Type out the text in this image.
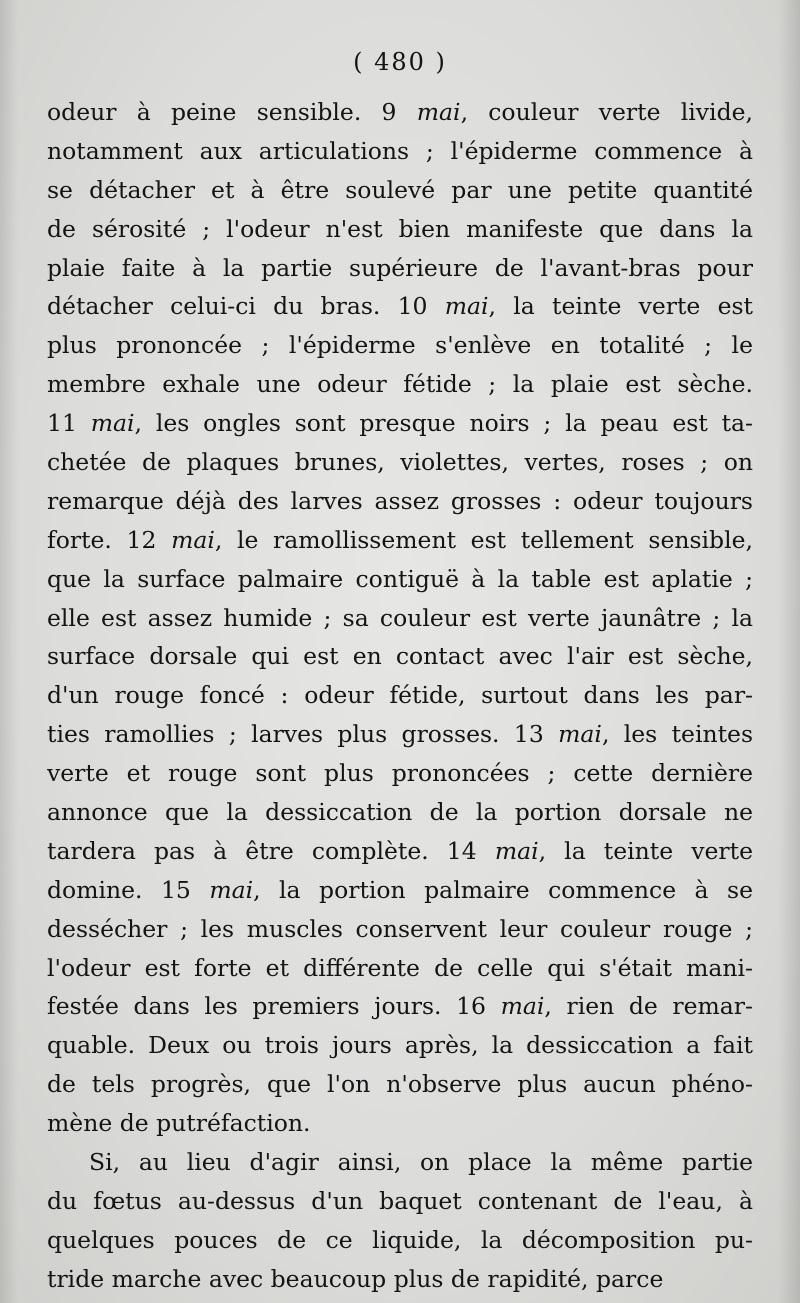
( 480 )
odeur à peine sensible. 9 mai, couleur verte livide,
notamment aux articulations ; l'épiderme commence à
se détacher et à être soulevé par une petite quantité
de sérosité ; l'odeur n'est bien manifeste que dans la
plaie faite à la partie supérieure de l'avant-bras pour
détacher celui-ci du bras. 10 mai, la teinte verte est
plus prononcée ; l'épiderme s'enlève en totalité ; le
membre exhale une odeur fétide ; la plaie est sèche.
11 mai, les ongles sont presque noirs ; la peau est ta-
chetée de plaques brunes, violettes, vertes, roses ; on
remarque déjà des larves assez grosses : odeur toujours
forte. 12 mai, le ramollissement est tellement sensible,
que la surface palmaire contiguë à la table est aplatie ;
elle est assez humide ; sa couleur est verte jaunâtre ; la
surface dorsale qui est en contact avec l'air est sèche,
d'un rouge foncé : odeur fétide, surtout dans les par-
ties ramollies ; larves plus grosses. 13 mai, les teintes
verte et rouge sont plus prononcées ; cette dernière
annonce que la dessiccation de la portion dorsale ne
tardera pas à être complète. 14 mai, la teinte verte
domine. 15 mai, la portion palmaire commence à se
dessécher ; les muscles conservent leur couleur rouge ;
l'odeur est forte et différente de celle qui s'était mani-
festée dans les premiers jours. 16 mai, rien de remar-
quable. Deux ou trois jours après, la dessiccation a fait
de tels progrès, que l'on n'observe plus aucun phéno-
mène de putréfaction.
Si, au lieu d'agir ainsi, on place la même partie
du fœtus au-dessus d'un baquet contenant de l'eau, à
quelques pouces de ce liquide, la décomposition pu-
tride marche avec beaucoup plus de rapidité, parce
